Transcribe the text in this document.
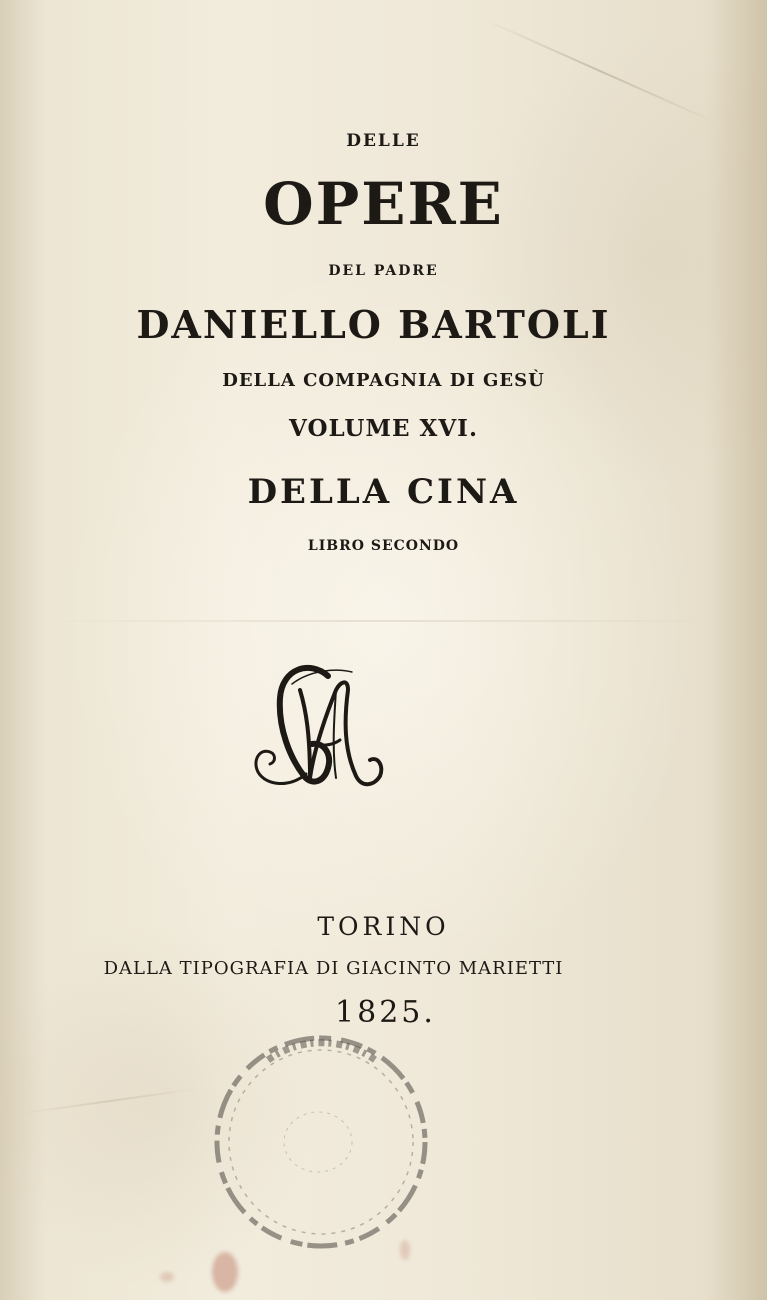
DELLE
OPERE
DEL PADRE
DANIELLO BARTOLI
DELLA COMPAGNIA DI GESÙ
VOLUME XVI.
DELLA CINA
LIBRO SECONDO
TORINO
DALLA TIPOGRAFIA DI GIACINTO MARIETTI
1825.
